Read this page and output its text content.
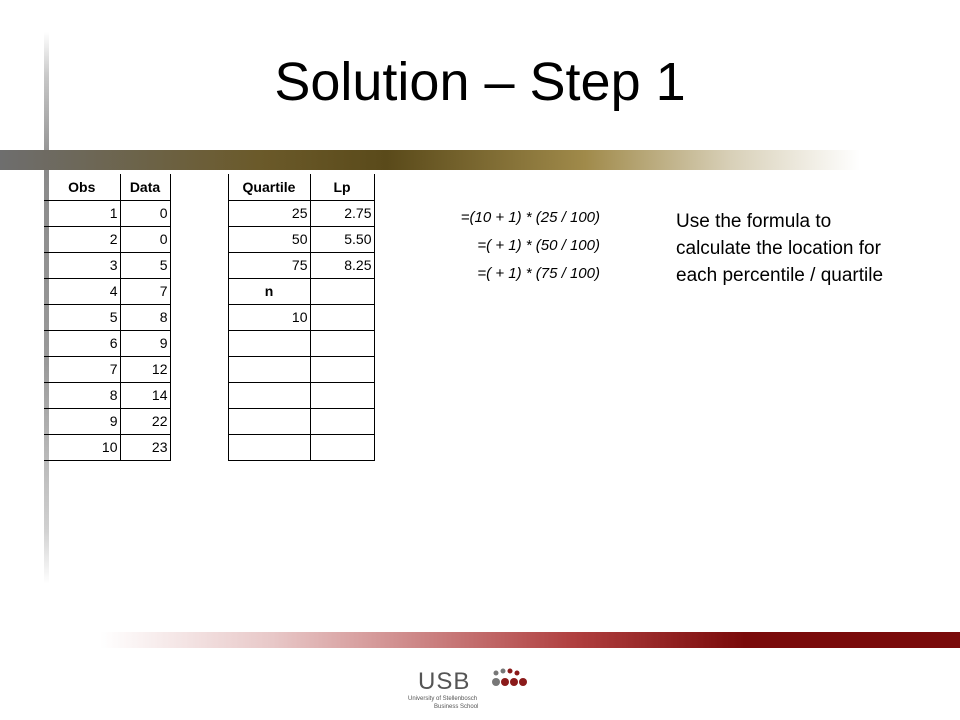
Solution – Step 1
Obs	Data		Quartile	Lp
1	0		25	2.75
2	0		50	5.50
3	5		75	8.25
4	7		n	
5	8		10	
6	9			
7	12			
8	14			
9	22			
10	23			
=(10 + 1) * (25 / 100)
=( + 1) * (50 / 100)
=( + 1) * (75 / 100)
Use the formula to calculate the location for each percentile / quartile
USB
University of Stellenbosch
Business School
